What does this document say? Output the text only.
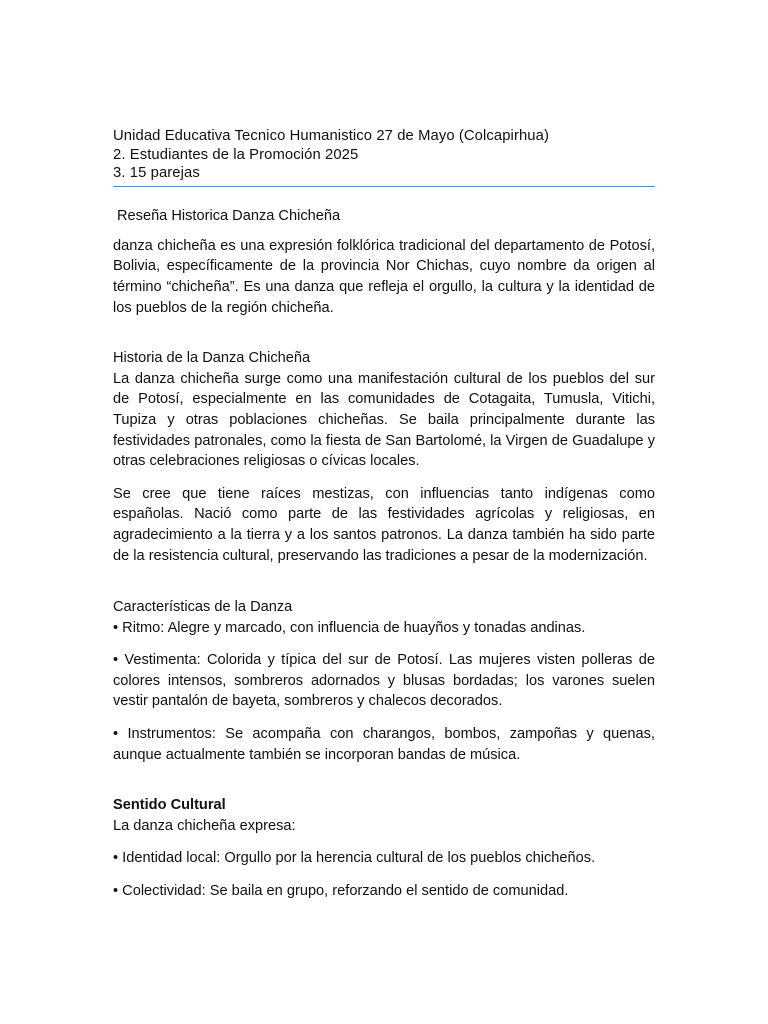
Unidad Educativa Tecnico Humanistico 27 de Mayo (Colcapirhua)
2. Estudiantes de la Promoción 2025
3. 15 parejas
Reseña Historica Danza Chicheña

danza chicheña es una expresión folklórica tradicional del departamento de Potosí, Bolivia, específicamente de la provincia Nor Chichas, cuyo nombre da origen al término “chicheña”. Es una danza que refleja el orgullo, la cultura y la identidad de los pueblos de la región chicheña.

Historia de la Danza Chicheña

La danza chicheña surge como una manifestación cultural de los pueblos del sur de Potosí, especialmente en las comunidades de Cotagaita, Tumusla, Vitichi, Tupiza y otras poblaciones chicheñas. Se baila principalmente durante las festividades patronales, como la fiesta de San Bartolomé, la Virgen de Guadalupe y otras celebraciones religiosas o cívicas locales.

Se cree que tiene raíces mestizas, con influencias tanto indígenas como españolas. Nació como parte de las festividades agrícolas y religiosas, en agradecimiento a la tierra y a los santos patronos. La danza también ha sido parte de la resistencia cultural, preservando las tradiciones a pesar de la modernización.

Características de la Danza

• Ritmo: Alegre y marcado, con influencia de huayños y tonadas andinas.

• Vestimenta: Colorida y típica del sur de Potosí. Las mujeres visten polleras de colores intensos, sombreros adornados y blusas bordadas; los varones suelen vestir pantalón de bayeta, sombreros y chalecos decorados.

• Instrumentos: Se acompaña con charangos, bombos, zampoñas y quenas, aunque actualmente también se incorporan bandas de música.

Sentido Cultural

La danza chicheña expresa:

• Identidad local: Orgullo por la herencia cultural de los pueblos chicheños.

• Colectividad: Se baila en grupo, reforzando el sentido de comunidad.
